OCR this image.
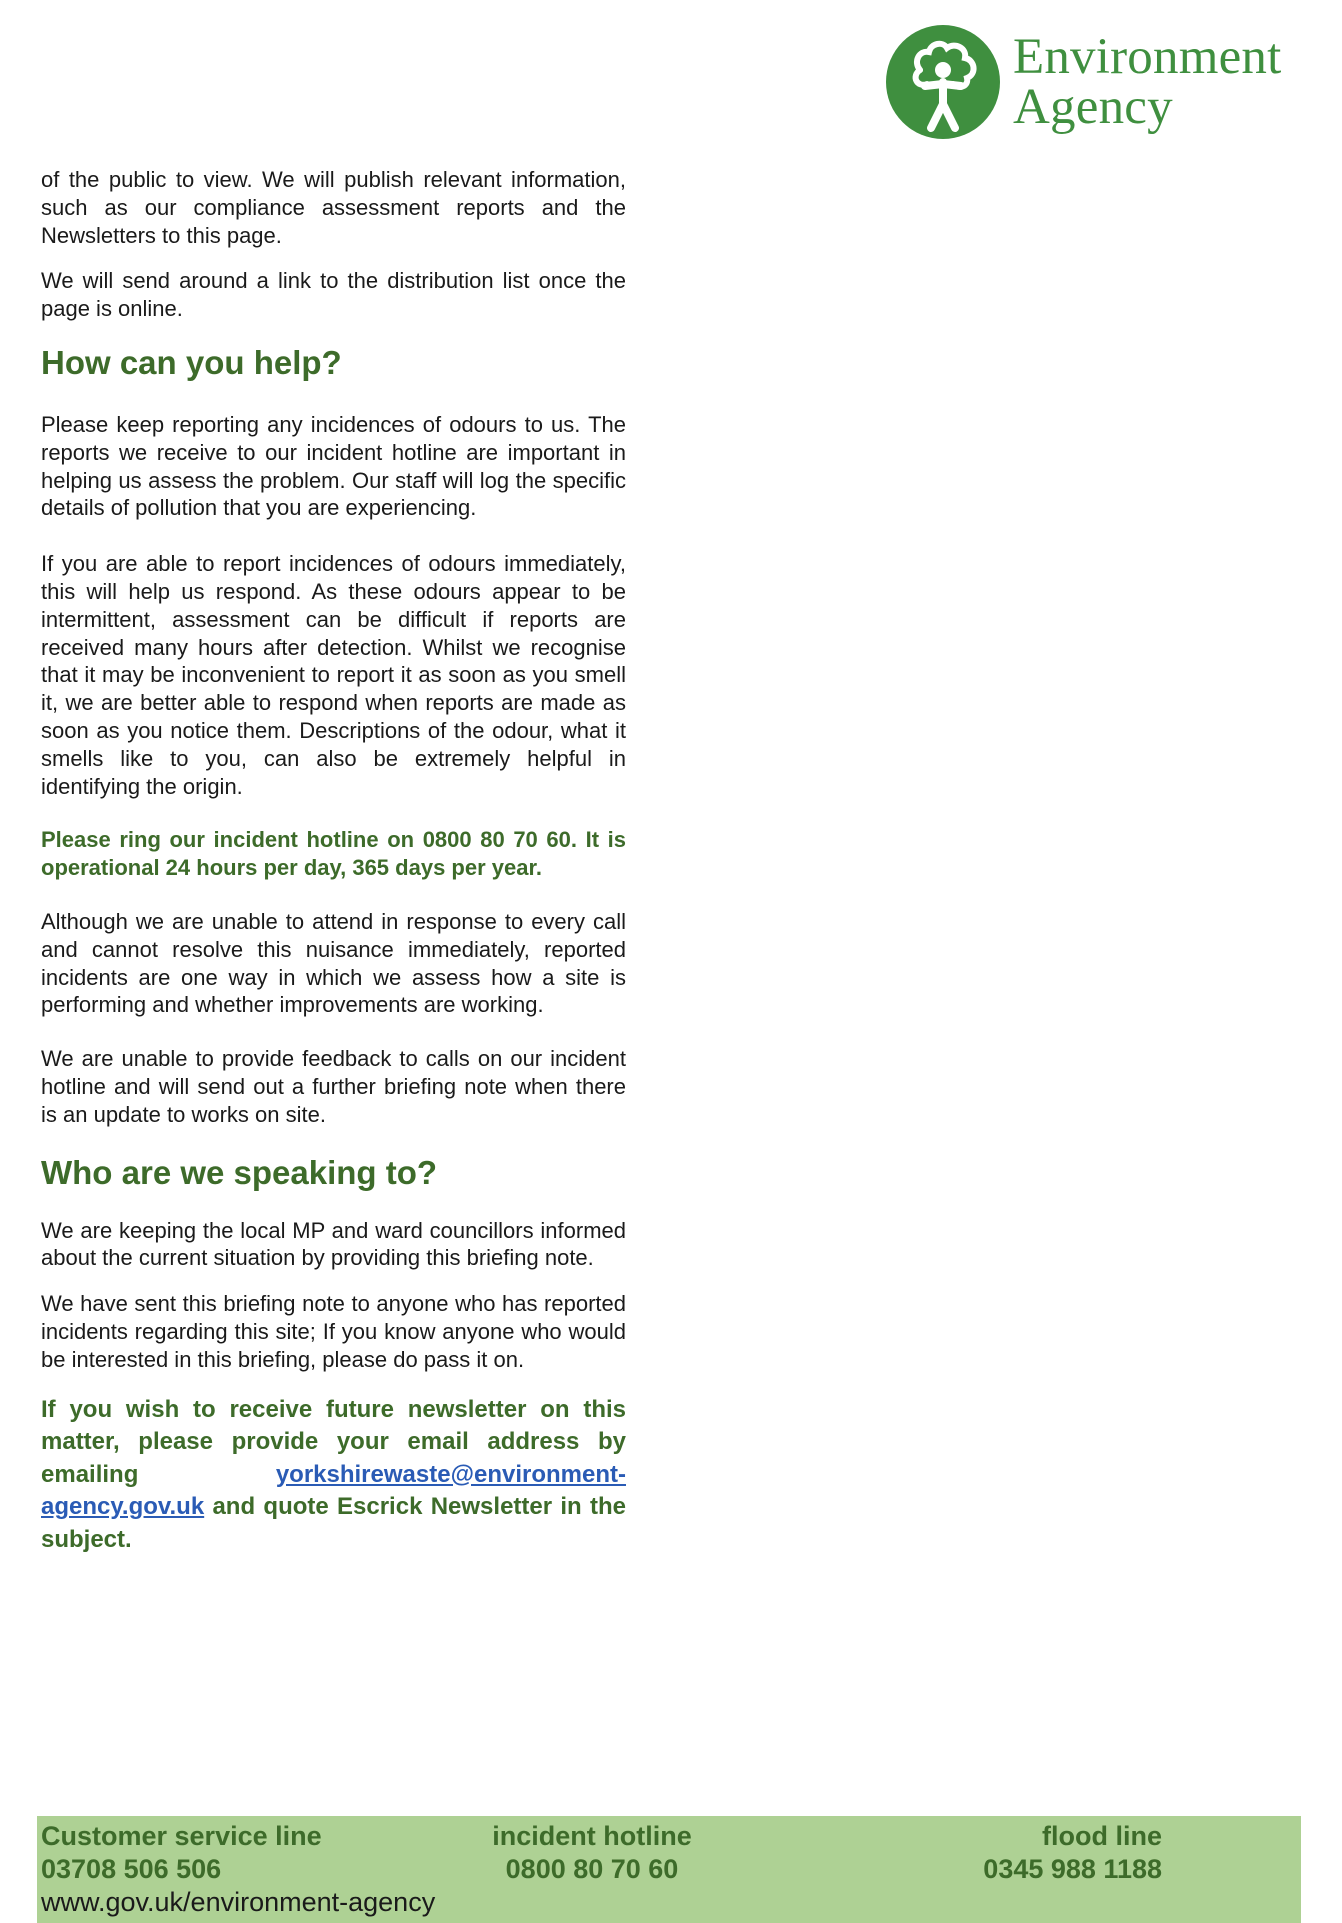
Environment
Agency

of the public to view. We will publish relevant information, such as our compliance assessment reports and the Newsletters to this page.

We will send around a link to the distribution list once the page is online.

How can you help?

Please keep reporting any incidences of odours to us. The reports we receive to our incident hotline are important in helping us assess the problem. Our staff will log the specific details of pollution that you are experiencing.

If you are able to report incidences of odours immediately, this will help us respond. As these odours appear to be intermittent, assessment can be difficult if reports are received many hours after detection. Whilst we recognise that it may be inconvenient to report it as soon as you smell it, we are better able to respond when reports are made as soon as you notice them. Descriptions of the odour, what it smells like to you, can also be extremely helpful in identifying the origin.

Please ring our incident hotline on 0800 80 70 60. It is operational 24 hours per day, 365 days per year.

Although we are unable to attend in response to every call and cannot resolve this nuisance immediately, reported incidents are one way in which we assess how a site is performing and whether improvements are working.

We are unable to provide feedback to calls on our incident hotline and will send out a further briefing note when there is an update to works on site.

Who are we speaking to?

We are keeping the local MP and ward councillors informed about the current situation by providing this briefing note.

We have sent this briefing note to anyone who has reported incidents regarding this site; If you know anyone who would be interested in this briefing, please do pass it on.

If you wish to receive future newsletter on this matter, please provide your email address by emailing yorkshirewaste@environment-agency.gov.uk and quote Escrick Newsletter in the subject.

Customer service line
03708 506 506
incident hotline
0800 80 70 60
flood line
0345 988 1188
www.gov.uk/environment-agency
